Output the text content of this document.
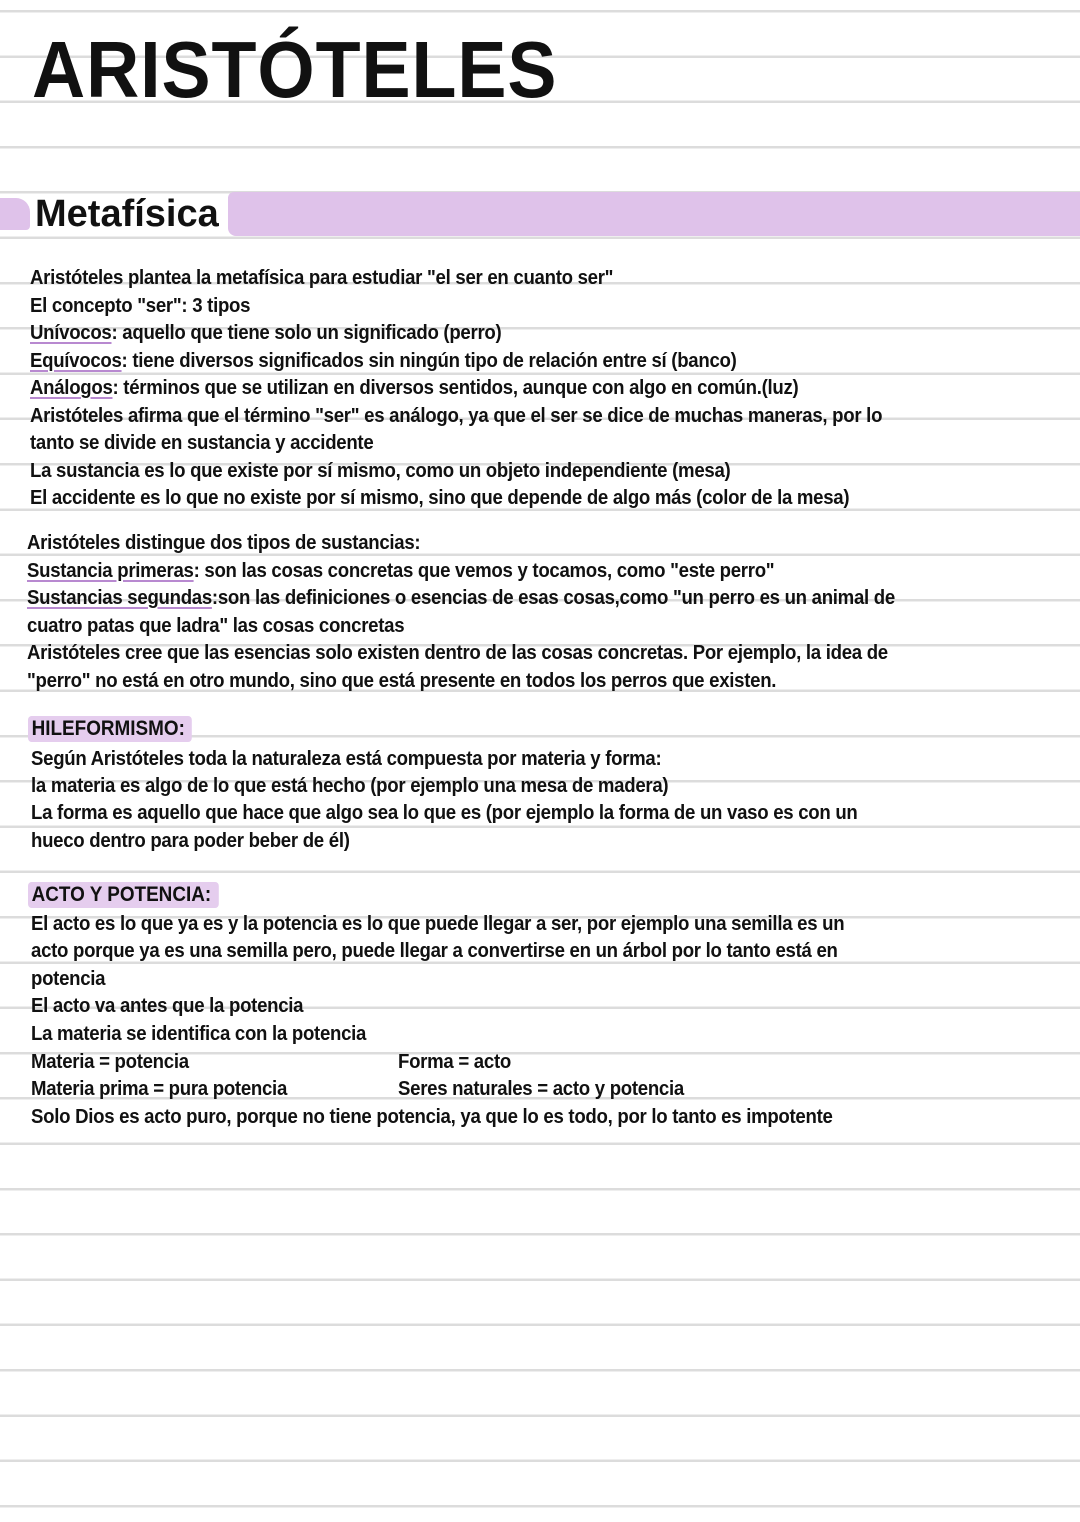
ARISTÓTELES
Metafísica
Aristóteles plantea la metafísica para estudiar "el ser en cuanto ser"
El concepto "ser": 3 tipos
Unívocos: aquello que tiene solo un significado (perro)
Equívocos: tiene diversos significados sin ningún tipo de relación entre sí (banco)
Análogos: términos que se utilizan en diversos sentidos, aunque con algo en común.(luz)
Aristóteles afirma que el término "ser" es análogo, ya que el ser se dice de muchas maneras, por lo
tanto se divide en sustancia y accidente
La sustancia es lo que existe por sí mismo, como un objeto independiente (mesa)
El accidente es lo que no existe por sí mismo, sino que depende de algo más (color de la mesa)
Aristóteles distingue dos tipos de sustancias:
Sustancia primeras: son las cosas concretas que vemos y tocamos, como "este perro"
Sustancias segundas:son las definiciones o esencias de esas cosas,como "un perro es un animal de
cuatro patas que ladra" las cosas concretas
Aristóteles cree que las esencias solo existen dentro de las cosas concretas. Por ejemplo, la idea de
"perro" no está en otro mundo, sino que está presente en todos los perros que existen.
HILEFORMISMO:
Según Aristóteles toda la naturaleza está compuesta por materia y forma:
la materia es algo de lo que está hecho (por ejemplo una mesa de madera)
La forma es aquello que hace que algo sea lo que es (por ejemplo la forma de un vaso es con un
hueco dentro para poder beber de él)
ACTO Y POTENCIA:
El acto es lo que ya es y la potencia es lo que puede llegar a ser, por ejemplo una semilla es un
acto porque ya es una semilla pero, puede llegar a convertirse en un árbol por lo tanto está en
potencia
El acto va antes que la potencia
La materia se identifica con la potencia
Materia = potencia	Forma = acto
Materia prima = pura potencia	Seres naturales = acto y potencia
Solo Dios es acto puro, porque no tiene potencia, ya que lo es todo, por lo tanto es impotente
